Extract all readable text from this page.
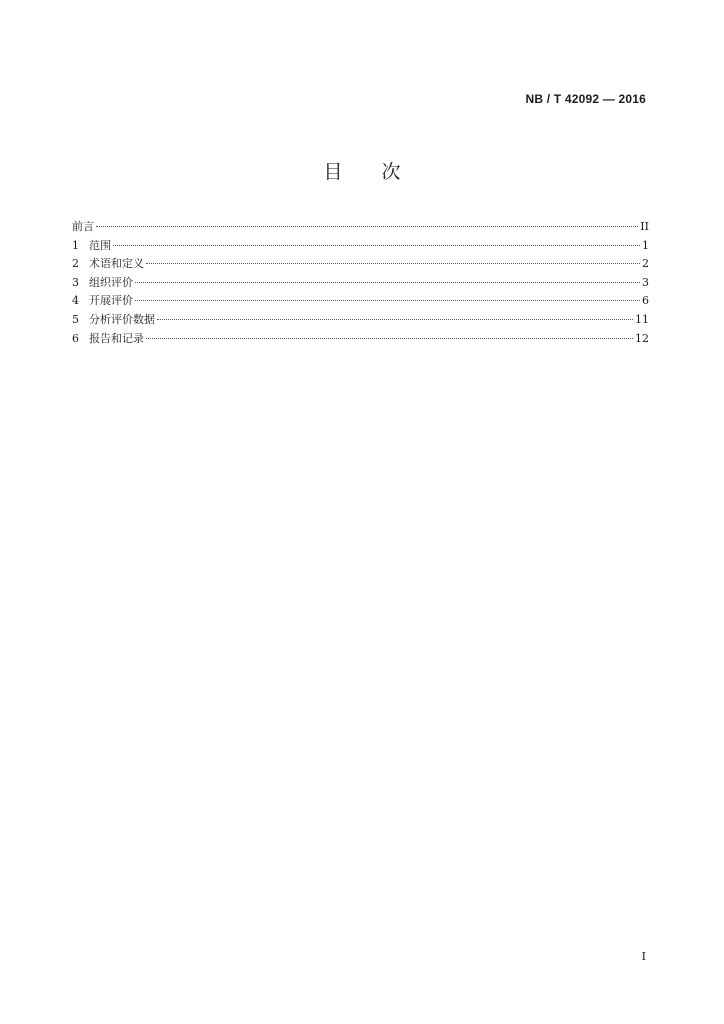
NB / T 42092 — 2016
目 次
前言	II
1 范围	1
2 术语和定义	2
3 组织评价	3
4 开展评价	6
5 分析评价数据	11
6 报告和记录	12
I
